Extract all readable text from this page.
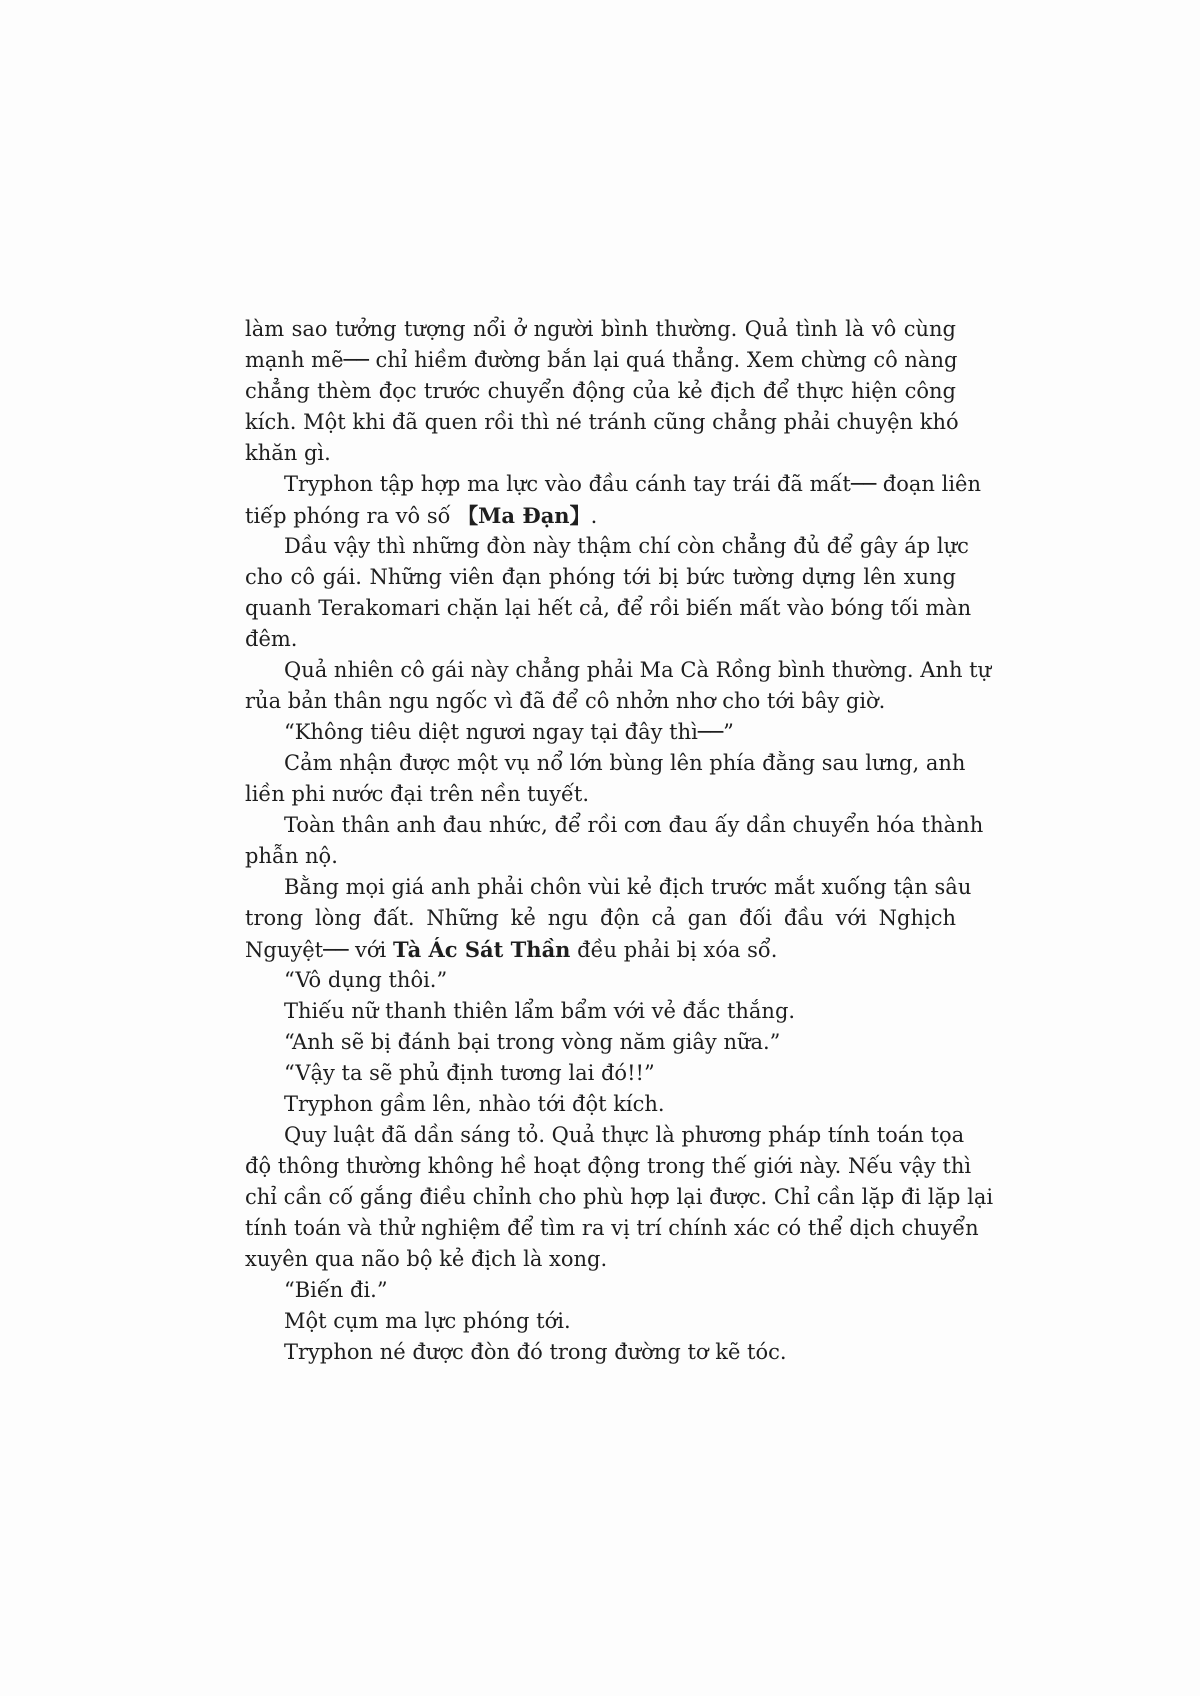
làm sao tưởng tượng nổi ở người bình thường. Quả tình là vô cùng
mạnh mẽ── chỉ hiềm đường bắn lại quá thẳng. Xem chừng cô nàng
chẳng thèm đọc trước chuyển động của kẻ địch để thực hiện công
kích. Một khi đã quen rồi thì né tránh cũng chẳng phải chuyện khó
khăn gì.
Tryphon tập hợp ma lực vào đầu cánh tay trái đã mất── đoạn liên
tiếp phóng ra vô số 【Ma Đạn】.
Dầu vậy thì những đòn này thậm chí còn chẳng đủ để gây áp lực
cho cô gái. Những viên đạn phóng tới bị bức tường dựng lên xung
quanh Terakomari chặn lại hết cả, để rồi biến mất vào bóng tối màn
đêm.
Quả nhiên cô gái này chẳng phải Ma Cà Rồng bình thường. Anh tự
rủa bản thân ngu ngốc vì đã để cô nhởn nhơ cho tới bây giờ.
“Không tiêu diệt ngươi ngay tại đây thì──”
Cảm nhận được một vụ nổ lớn bùng lên phía đằng sau lưng, anh
liền phi nước đại trên nền tuyết.
Toàn thân anh đau nhức, để rồi cơn đau ấy dần chuyển hóa thành
phẫn nộ.
Bằng mọi giá anh phải chôn vùi kẻ địch trước mắt xuống tận sâu
trong lòng đất. Những kẻ ngu độn cả gan đối đầu với Nghịch
Nguyệt── với Tà Ác Sát Thần đều phải bị xóa sổ.
“Vô dụng thôi.”
Thiếu nữ thanh thiên lẩm bẩm với vẻ đắc thắng.
“Anh sẽ bị đánh bại trong vòng năm giây nữa.”
“Vậy ta sẽ phủ định tương lai đó!!”
Tryphon gầm lên, nhào tới đột kích.
Quy luật đã dần sáng tỏ. Quả thực là phương pháp tính toán tọa
độ thông thường không hề hoạt động trong thế giới này. Nếu vậy thì
chỉ cần cố gắng điều chỉnh cho phù hợp lại được. Chỉ cần lặp đi lặp lại
tính toán và thử nghiệm để tìm ra vị trí chính xác có thể dịch chuyển
xuyên qua não bộ kẻ địch là xong.
“Biến đi.”
Một cụm ma lực phóng tới.
Tryphon né được đòn đó trong đường tơ kẽ tóc.
